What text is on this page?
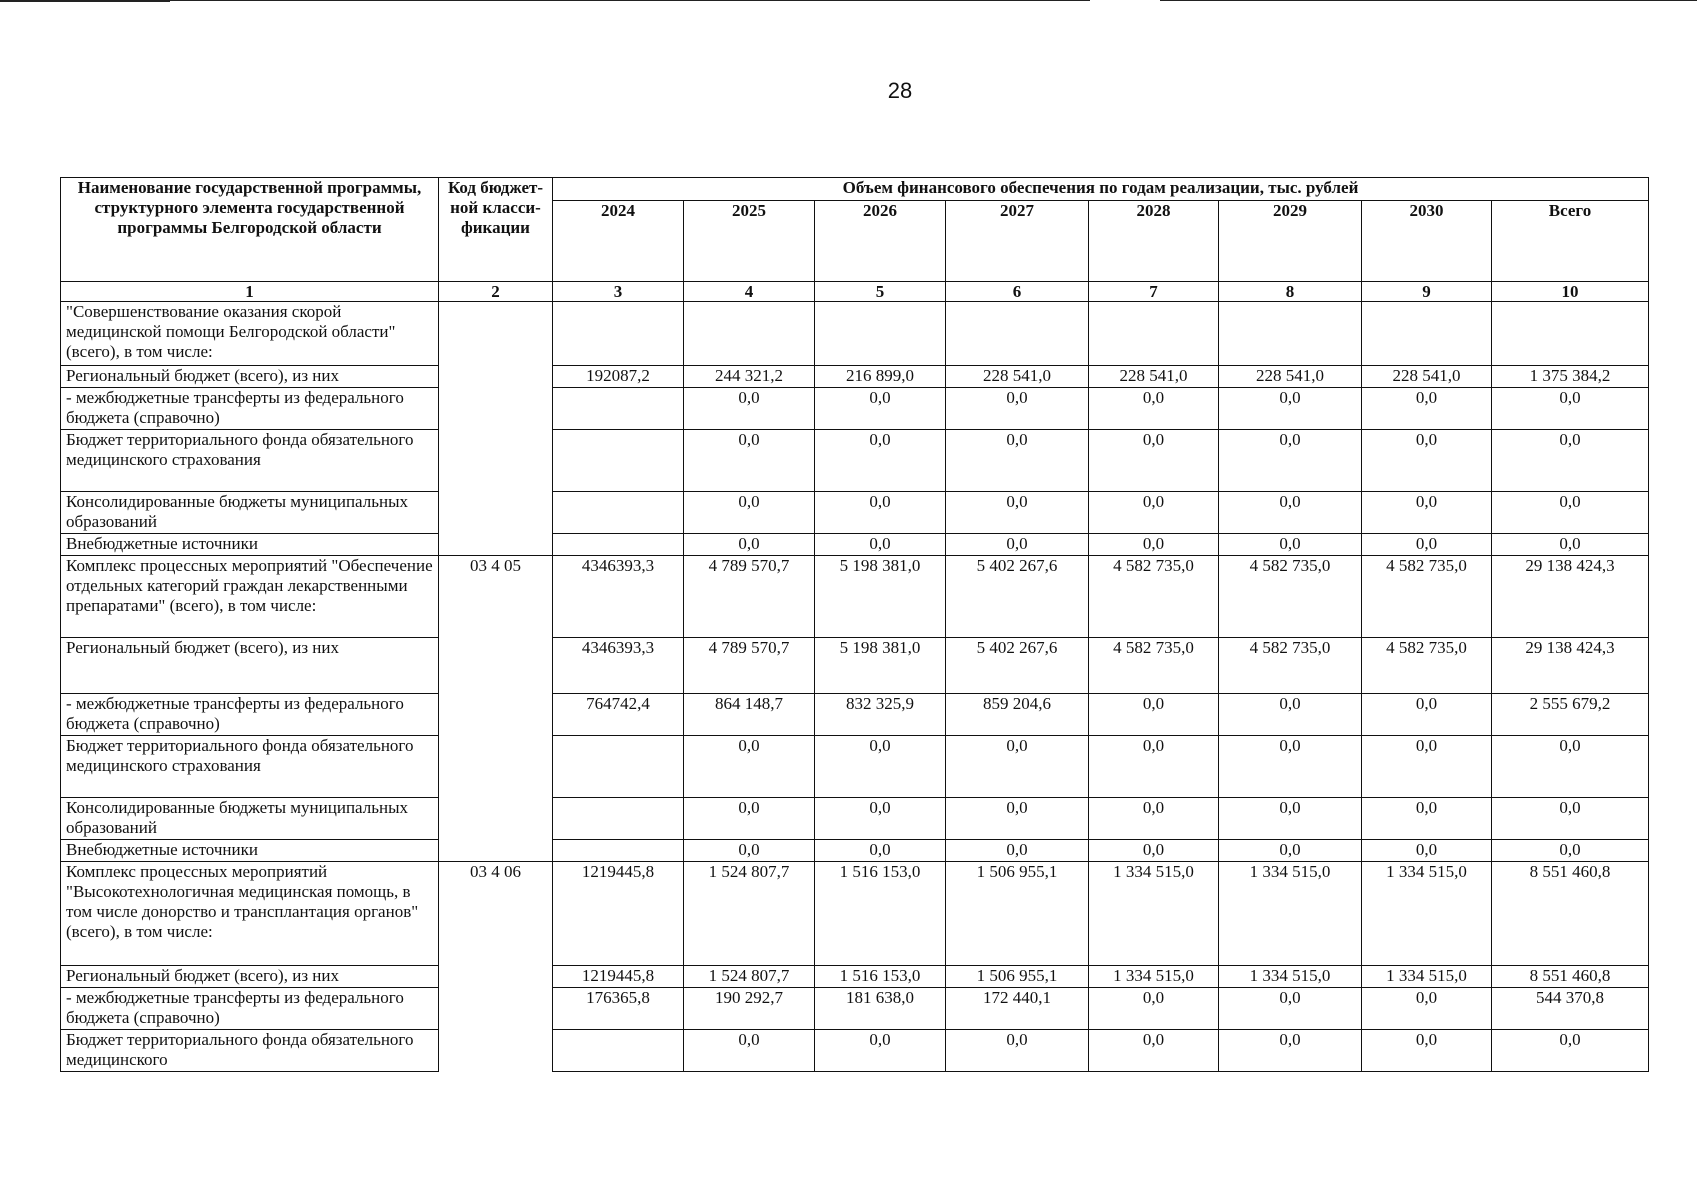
28
Наименование государственной программы, структурного элемента государственной программы Белгородской области	Код бюджет-ной класси-фикации	Объем финансового обеспечения по годам реализации, тыс. рублей							
		2024	2025	2026	2027	2028	2029	2030	Всего
1	2	3	4	5	6	7	8	9	10
"Совершенствование оказания скорой медицинской помощи Белгородской области" (всего), в том числе:									
Региональный бюджет (всего), из них		192087,2	244 321,2	216 899,0	228 541,0	228 541,0	228 541,0	228 541,0	1 375 384,2
- межбюджетные трансферты из федерального бюджета (справочно)			0,0	0,0	0,0	0,0	0,0	0,0	0,0
Бюджет территориального фонда обязательного медицинского страхования			0,0	0,0	0,0	0,0	0,0	0,0	0,0
Консолидированные бюджеты муниципальных образований			0,0	0,0	0,0	0,0	0,0	0,0	0,0
Внебюджетные источники			0,0	0,0	0,0	0,0	0,0	0,0	0,0
Комплекс процессных мероприятий "Обеспечение отдельных категорий граждан лекарственными препаратами" (всего), в том числе:	03 4 05	4346393,3	4 789 570,7	5 198 381,0	5 402 267,6	4 582 735,0	4 582 735,0	4 582 735,0	29 138 424,3
Региональный бюджет (всего), из них		4346393,3	4 789 570,7	5 198 381,0	5 402 267,6	4 582 735,0	4 582 735,0	4 582 735,0	29 138 424,3
- межбюджетные трансферты из федерального бюджета (справочно)		764742,4	864 148,7	832 325,9	859 204,6	0,0	0,0	0,0	2 555 679,2
Бюджет территориального фонда обязательного медицинского страхования			0,0	0,0	0,0	0,0	0,0	0,0	0,0
Консолидированные бюджеты муниципальных образований			0,0	0,0	0,0	0,0	0,0	0,0	0,0
Внебюджетные источники			0,0	0,0	0,0	0,0	0,0	0,0	0,0
Комплекс процессных мероприятий "Высокотехнологичная медицинская помощь, в том числе донорство и трансплантация органов" (всего), в том числе:	03 4 06	1219445,8	1 524 807,7	1 516 153,0	1 506 955,1	1 334 515,0	1 334 515,0	1 334 515,0	8 551 460,8
Региональный бюджет (всего), из них		1219445,8	1 524 807,7	1 516 153,0	1 506 955,1	1 334 515,0	1 334 515,0	1 334 515,0	8 551 460,8
- межбюджетные трансферты из федерального бюджета (справочно)		176365,8	190 292,7	181 638,0	172 440,1	0,0	0,0	0,0	544 370,8
Бюджет территориального фонда обязательного медицинского			0,0	0,0	0,0	0,0	0,0	0,0	0,0
